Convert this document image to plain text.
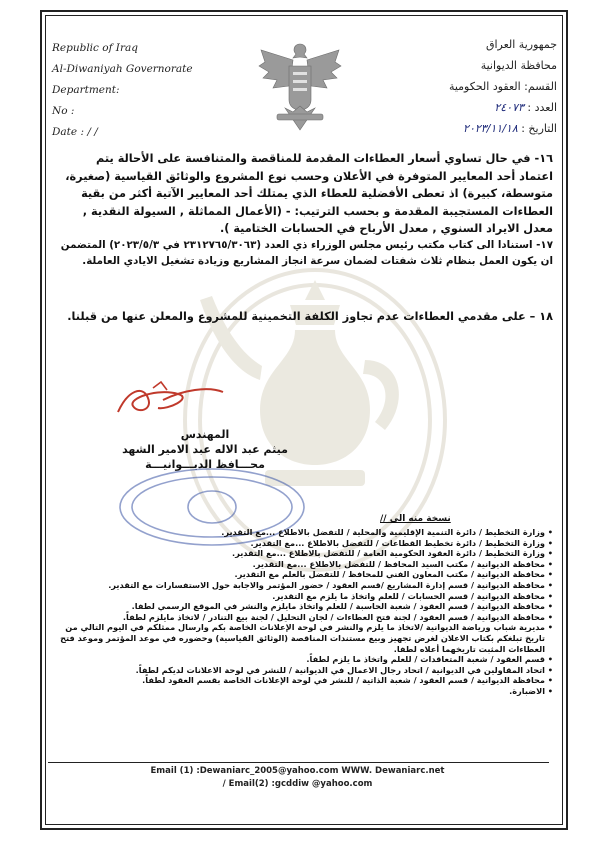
Republic of Iraq
Al-Diwaniyah Governorate
Department:
No :
Date : / /
جمهورية العراق
محافظة الديوانية
القسم: العقود الحكومية
العدد : ٢٤٠٧٣
التاريخ : ٢٠٢٣/١١/١٨
١٦- في حال تساوي أسعار العطاءات المقدمة للمناقصة والمتنافسة على الأحالة يتم اعتماد أحد المعايير المتوفرة في الأعلان وحسب نوع المشروع والوثائق القياسية (صغيرة، متوسطة، كبيرة) اذ تعطى الأفضلية للعطاء الذي يمتلك أحد المعايير الآتية أكثر من بقية العطاءات المستجيبة المقدمة و بحسب الترتيب: - (الأعمال المماثلة , السيولة النقدية , معدل الايراد السنوي , معدل الأرباح في الحسابات الختامية ).
١٧- استنادا الى كتاب مكتب رئيس مجلس الوزراء ذي العدد (٢٣١٢٧٦٥/٣٠٦٣ في ٢٠٢٣/٥/٣) المتضمن ان يكون العمل بنظام ثلاث شفتات لضمان سرعة انجاز المشاريع وزيادة تشغيل الايادي العاملة.
١٨ – على مقدمي العطاءات عدم تجاوز الكلفة التخمينية للمشروع والمعلن عنها من قبلنا.
المهندس
ميثم عبد الاله عبد الامير الشهد
محـــافظ الديـــوانيـــة
نسخة منه الى //
• وزارة التخطيط / دائرة التنمية الإقليمية والمحلية / للتفضل بالاطلاع ...مع التقدير.
• وزارة التخطيط / دائرة تخطيط القطاعات / للتفضل بالاطلاع ...مع التقدير.
• وزارة التخطيط / دائرة العقود الحكومية العامة / للتفضل بالاطلاع ...مع التقدير.
• محافظة الديوانية / مكتب السيد المحافظ / للتفضل بالاطلاع ...مع التقدير.
• محافظة الديوانية / مكتب المعاون الفني للمحافظ / للتفضل بالعلم مع التقدير.
• محافظة الديوانية / قسم إدارة المشاريع /قسم العقود / حضور المؤتمر والاجابة حول الاستفسارات مع التقدير.
• محافظة الديوانية / قسم الحسابات / للعلم واتخاذ ما يلزم مع التقدير.
• محافظة الديوانية / قسم العقود / شعبة الحاسبة / للعلم واتخاذ مايلزم والنشر في الموقع الرسمي لطفا.
• محافظة الديوانية / قسم العقود / لجنة فتح العطاءات / لجان التحليل / لجنة بيع التنادر / لاتخاذ مايلزم لطفاً.
• مديرية شباب ورياضة الديوانية /لاتخاذ ما يلزم والنشر في لوحة الإعلانات الخاصة بكم وارسال ممثلكم في اليوم التالي من تاريخ تبلغكم بكتاب الاعلان لغرض تجهيز وبيع مستندات المناقصة (الوثائق القياسية) وحضوره في موعد المؤتمر وموعد فتح العطاءات المثبت تاريخهما أعلاه لطفا.
• قسم العقود / شعبة المتعاقدات / للعلم واتخاذ ما يلزم لطفاً.
• اتحاد المقاولين في الديوانية / اتحاد رجال الاعمال في الديوانية / للنشر في لوحة الاعلانات لديكم لطفاً.
• محافظة الديوانية / قسم العقود / شعبة الذاتية / للنشر في لوحة الإعلانات الخاصة بقسم العقود لطفاً.
• الاضبارة.
Email (1) :Dewaniarc_2005@yahoo.com WWW. Dewaniarc.net
/ Email(2) :gcddiw @yahoo.com
